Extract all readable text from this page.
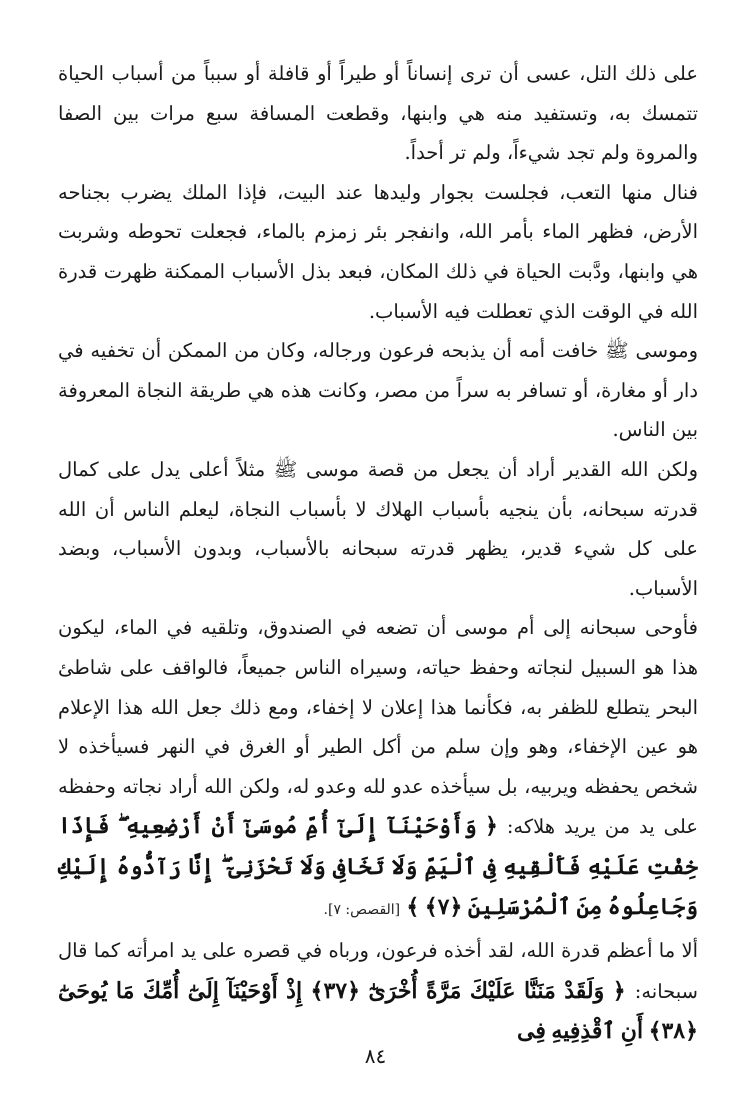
على ذلك التل، عسى أن ترى إنساناً أو طيراً أو قافلة أو سبباً من أسباب الحياة تتمسك به، وتستفيد منه هي وابنها، وقطعت المسافة سبع مرات بين الصفا والمروة ولم تجد شيءاً، ولم تر أحداً.

فنال منها التعب، فجلست بجوار وليدها عند البيت، فإذا الملك يضرب بجناحه الأرض، فظهر الماء بأمر الله، وانفجر بئر زمزم بالماء، فجعلت تحوطه وشربت هي وابنها، ودَّبت الحياة في ذلك المكان، فبعد بذل الأسباب الممكنة ظهرت قدرة الله في الوقت الذي تعطلت فيه الأسباب.

وموسى ﷺ خافت أمه أن يذبحه فرعون ورجاله، وكان من الممكن أن تخفيه في دار أو مغارة، أو تسافر به سراً من مصر، وكانت هذه هي طريقة النجاة المعروفة بين الناس.

ولكن الله القدير أراد أن يجعل من قصة موسى ﷺ مثلاً أعلى يدل على كمال قدرته سبحانه، بأن ينجيه بأسباب الهلاك لا بأسباب النجاة، ليعلم الناس أن الله على كل شيء قدير، يظهر قدرته سبحانه بالأسباب، وبدون الأسباب، وبضد الأسباب.

فأوحى سبحانه إلى أم موسى أن تضعه في الصندوق، وتلقيه في الماء، ليكون هذا هو السبيل لنجاته وحفظ حياته، وسيراه الناس جميعاً، فالواقف على شاطئ البحر يتطلع للظفر به، فكأنما هذا إعلان لا إخفاء، ومع ذلك جعل الله هذا الإعلام هو عين الإخفاء، وهو وإن سلم من أكل الطير أو الغرق في النهر فسيأخذه لا شخص يحفظه ويربيه، بل سيأخذه عدو لله وعدو له، ولكن الله أراد نجاته وحفظه على يد من يريد هلاكه: ﴿ وَأَوْحَيْنَآ إِلَىٰٓ أُمِّ مُوسَىٰٓ أَنْ أَرْضِعِيهِ ۖ فَإِذَا خِفْتِ عَلَيْهِ فَأَلْقِيهِ فِى ٱلْيَمِّ وَلَا تَخَافِى وَلَا تَحْزَنِىٓ ۖ إِنَّا رَآدُّوهُ إِلَيْكِ وَجَاعِلُوهُ مِنَ ٱلْمُرْسَلِينَ ﴿٧﴾ ﴾ [القصص: ٧].

ألا ما أعظم قدرة الله، لقد أخذه فرعون، ورباه في قصره على يد امرأته كما قال سبحانه: ﴿ وَلَقَدْ مَنَنَّا عَلَيْكَ مَرَّةً أُخْرَىٰٓ ﴿٣٧﴾ إِذْ أَوْحَيْنَآ إِلَىٰٓ أُمِّكَ مَا يُوحَىٰٓ ﴿٣٨﴾ أَنِ ٱقْذِفِيهِ فِى

٨٤
